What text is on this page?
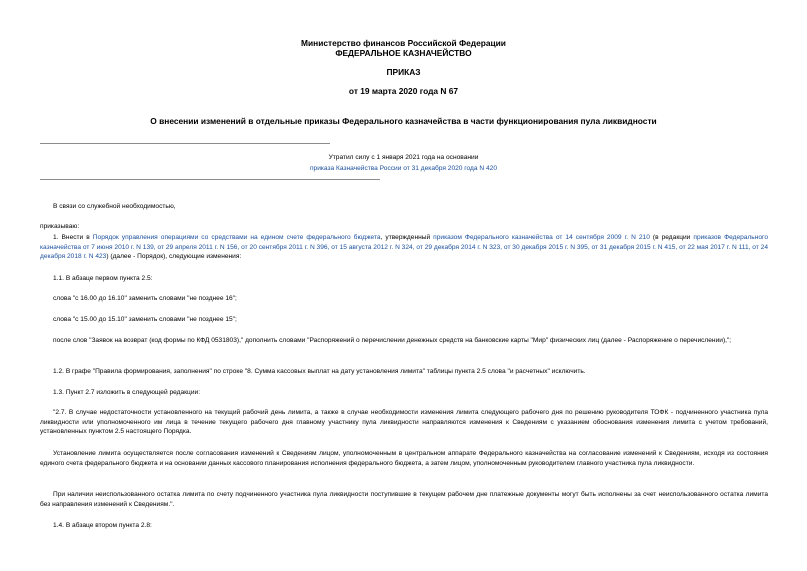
Министерство финансов Российской Федерации
ФЕДЕРАЛЬНОЕ КАЗНАЧЕЙСТВО
ПРИКАЗ
от 19 марта 2020 года N 67
О внесении изменений в отдельные приказы Федерального казначейства в части функционирования пула ликвидности
Утратил силу с 1 января 2021 года на основании
приказа Казначейства России от 31 декабря 2020 года N 420
В связи со служебной необходимостью,
приказываю:
1. Внести в Порядок управления операциями со средствами на едином счете федерального бюджета, утвержденный приказом Федерального казначейства от 14 сентября 2009 г. N 210 (в редакции приказов Федерального казначейства от 7 июня 2010 г. N 139, от 29 апреля 2011 г. N 156, от 20 сентября 2011 г. N 396, от 15 августа 2012 г. N 324, от 29 декабря 2014 г. N 323, от 30 декабря 2015 г. N 395, от 31 декабря 2015 г. N 415, от 22 мая 2017 г. N 111, от 24 декабря 2018 г. N 423) (далее - Порядок), следующие изменения:
1.1. В абзаце первом пункта 2.5:
слова "с 16.00 до 16.10" заменить словами "не позднее 16";
слова "с 15.00 до 15.10" заменить словами "не позднее 15";
после слов "Заявок на возврат (код формы по КФД 0531803)," дополнить словами "Распоряжений о перечислении денежных средств на банковские карты "Мир" физических лиц (далее - Распоряжение о перечислении),";
1.2. В графе "Правила формирования, заполнения" по строке "8. Сумма кассовых выплат на дату установления лимита" таблицы пункта 2.5 слова "и расчетных" исключить.
1.3. Пункт 2.7 изложить в следующей редакции:
"2.7. В случае недостаточности установленного на текущий рабочий день лимита, а также в случае необходимости изменения лимита следующего рабочего дня по решению руководителя ТОФК - подчиненного участника пула ликвидности или уполномоченного им лица в течение текущего рабочего дня главному участнику пула ликвидности направляются изменения к Сведениям с указанием обоснования изменения лимита с учетом требований, установленных пунктом 2.5 настоящего Порядка.
Установление лимита осуществляется после согласования изменений к Сведениям лицом, уполномоченным в центральном аппарате Федерального казначейства на согласование изменений к Сведениям, исходя из состояния единого счета федерального бюджета и на основании данных кассового планирования исполнения федерального бюджета, а затем лицом, уполномоченным руководителем главного участника пула ликвидности.
При наличии неиспользованного остатка лимита по счету подчиненного участника пула ликвидности поступившие в текущем рабочем дне платежные документы могут быть исполнены за счет неиспользованного остатка лимита без направления изменений к Сведениям.".
1.4. В абзаце втором пункта 2.8:
